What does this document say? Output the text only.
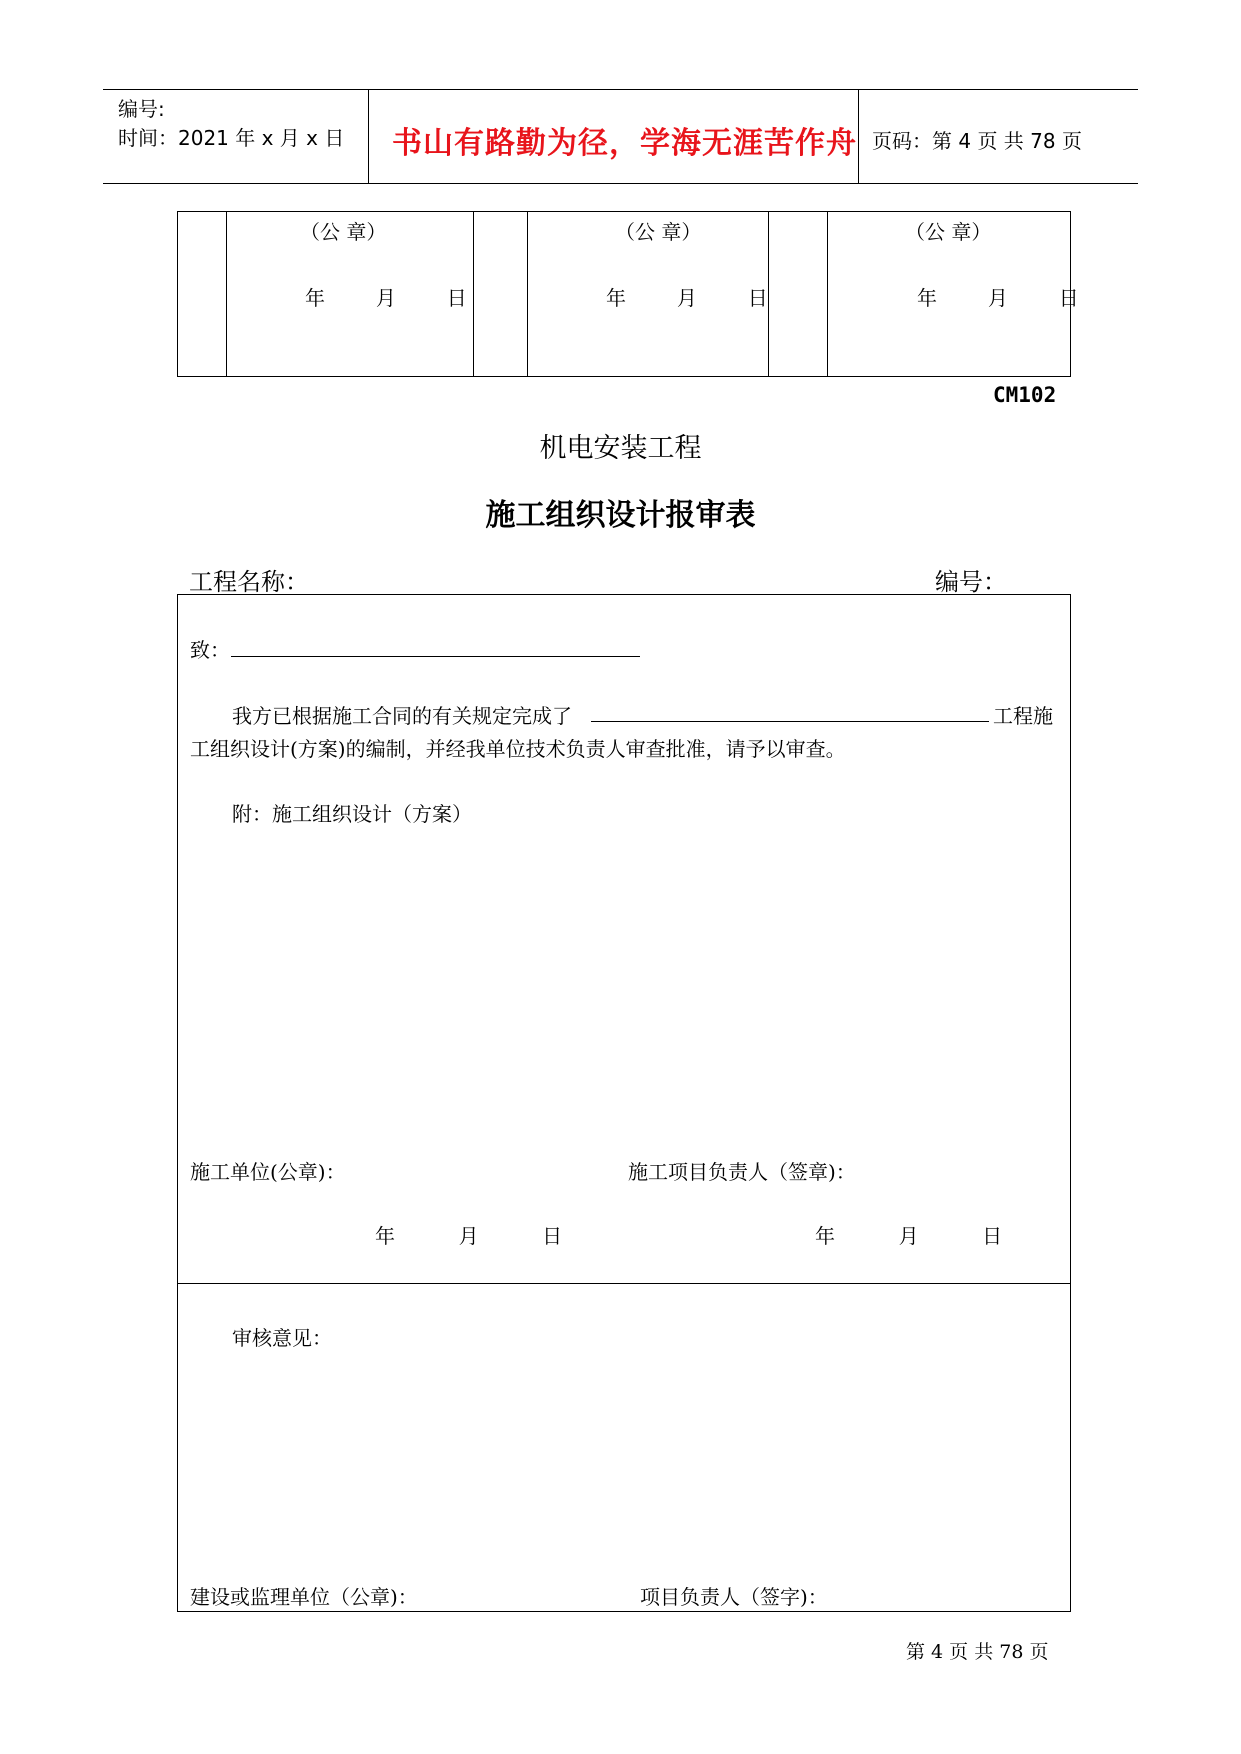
编号:
时间：2021 年 x 月 x 日 书山有路勤为径，学海无涯苦作舟 页码：第 4 页 共 78 页
（公 章）
年        月        日
（公 章）
年        月        日
（公 章）
年        月        日
CM102
机电安装工程
施工组织设计报审表
工程名称：	编号：
致：
我方已根据施工合同的有关规定完成了	工程施
工组织设计(方案)的编制，并经我单位技术负责人审查批准，请予以审查。
附：施工组织设计（方案）
施工单位(公章)：	施工项目负责人（签章)：
年          月          日	年          月          日
审核意见：
建设或监理单位（公章)：	项目负责人（签字)：
第 4 页 共 78 页
